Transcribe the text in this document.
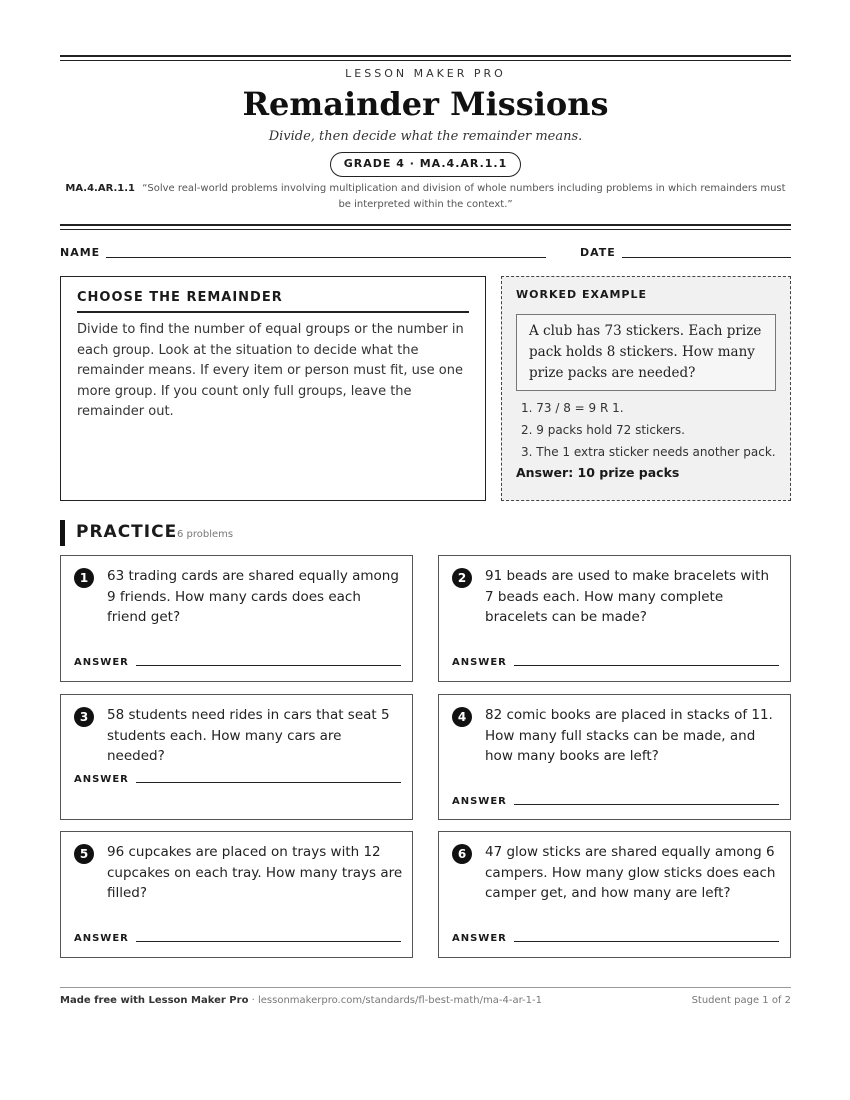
LESSON MAKER PRO
Remainder Missions
Divide, then decide what the remainder means.
GRADE 4 · MA.4.AR.1.1
MA.4.AR.1.1 “Solve real-world problems involving multiplication and division of whole numbers including problems in which remainders must be interpreted within the context.”
NAME	DATE
CHOOSE THE REMAINDER
Divide to find the number of equal groups or the number in each group. Look at the situation to decide what the remainder means. If every item or person must fit, use one more group. If you count only full groups, leave the remainder out.
WORKED EXAMPLE
A club has 73 stickers. Each prize pack holds 8 stickers. How many prize packs are needed?
1. 73 / 8 = 9 R 1.
2. 9 packs hold 72 stickers.
3. The 1 extra sticker needs another pack.
Answer: 10 prize packs
PRACTICE 6 problems
1	63 trading cards are shared equally among 9 friends. How many cards does each friend get?
ANSWER
2	91 beads are used to make bracelets with 7 beads each. How many complete bracelets can be made?
ANSWER
3	58 students need rides in cars that seat 5 students each. How many cars are needed?
ANSWER
4	82 comic books are placed in stacks of 11. How many full stacks can be made, and how many books are left?
ANSWER
5	96 cupcakes are placed on trays with 12 cupcakes on each tray. How many trays are filled?
ANSWER
6	47 glow sticks are shared equally among 6 campers. How many glow sticks does each camper get, and how many are left?
ANSWER
Made free with Lesson Maker Pro · lessonmakerpro.com/standards/fl-best-math/ma-4-ar-1-1	Student page 1 of 2
